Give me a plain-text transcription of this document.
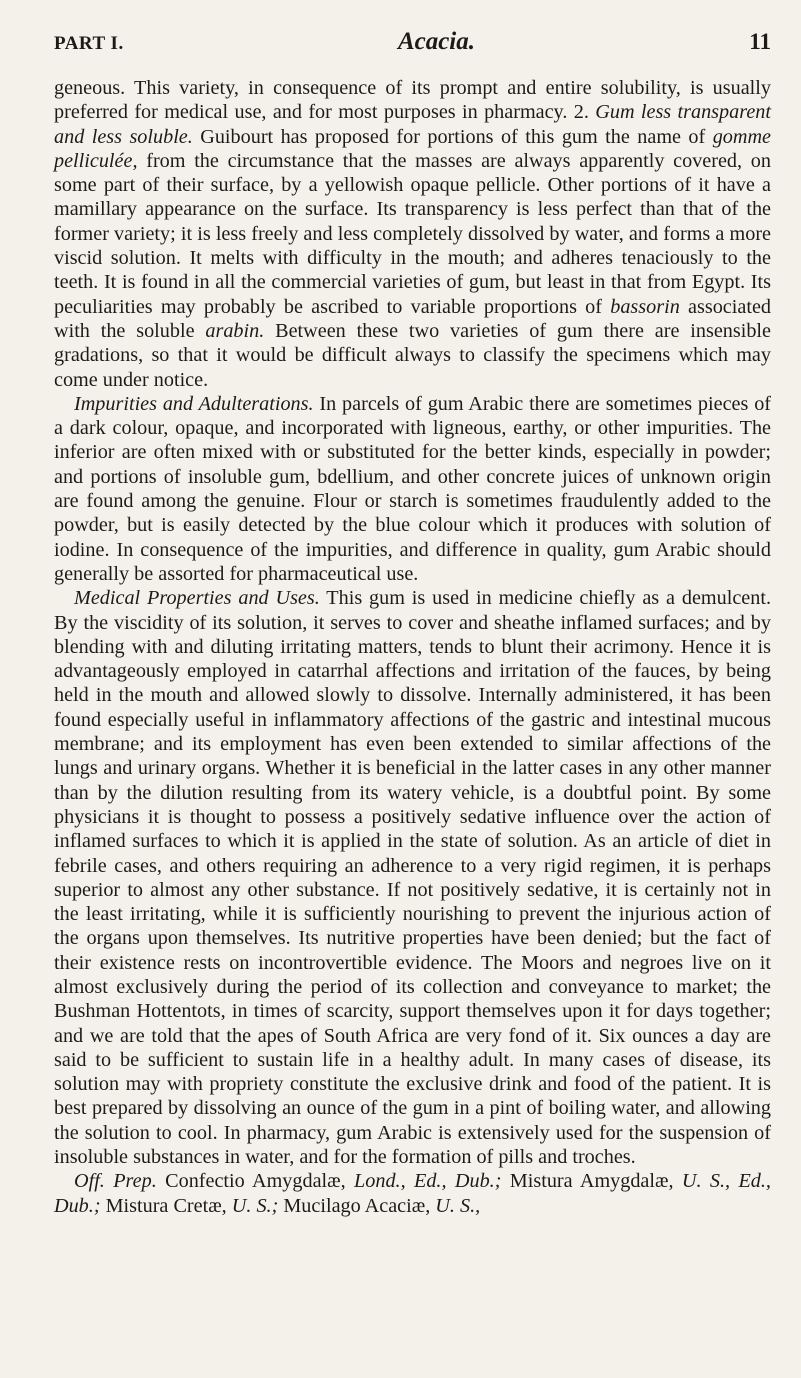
PART I.	Acacia.	11

geneous. This variety, in consequence of its prompt and entire solubility, is usually preferred for medical use, and for most purposes in pharmacy. 2. Gum less transparent and less soluble. Guibourt has proposed for portions of this gum the name of gomme pelliculée, from the circumstance that the masses are always apparently covered, on some part of their surface, by a yellowish opaque pellicle. Other portions of it have a mamillary appearance on the surface. Its transparency is less perfect than that of the former variety; it is less freely and less completely dissolved by water, and forms a more viscid solution. It melts with difficulty in the mouth; and adheres tenaciously to the teeth. It is found in all the commercial varieties of gum, but least in that from Egypt. Its peculiarities may probably be ascribed to variable proportions of bassorin associated with the soluble arabin. Between these two varieties of gum there are insensible gradations, so that it would be difficult always to classify the specimens which may come under notice.

Impurities and Adulterations. In parcels of gum Arabic there are sometimes pieces of a dark colour, opaque, and incorporated with ligneous, earthy, or other impurities. The inferior are often mixed with or substituted for the better kinds, especially in powder; and portions of insoluble gum, bdellium, and other concrete juices of unknown origin are found among the genuine. Flour or starch is sometimes fraudulently added to the powder, but is easily detected by the blue colour which it produces with solution of iodine. In consequence of the impurities, and difference in quality, gum Arabic should generally be assorted for pharmaceutical use.

Medical Properties and Uses. This gum is used in medicine chiefly as a demulcent. By the viscidity of its solution, it serves to cover and sheathe inflamed surfaces; and by blending with and diluting irritating matters, tends to blunt their acrimony. Hence it is advantageously employed in catarrhal affections and irritation of the fauces, by being held in the mouth and allowed slowly to dissolve. Internally administered, it has been found especially useful in inflammatory affections of the gastric and intestinal mucous membrane; and its employment has even been extended to similar affections of the lungs and urinary organs. Whether it is beneficial in the latter cases in any other manner than by the dilution resulting from its watery vehicle, is a doubtful point. By some physicians it is thought to possess a positively sedative influence over the action of inflamed surfaces to which it is applied in the state of solution. As an article of diet in febrile cases, and others requiring an adherence to a very rigid regimen, it is perhaps superior to almost any other substance. If not positively sedative, it is certainly not in the least irritating, while it is sufficiently nourishing to prevent the injurious action of the organs upon themselves. Its nutritive properties have been denied; but the fact of their existence rests on incontrovertible evidence. The Moors and negroes live on it almost exclusively during the period of its collection and conveyance to market; the Bushman Hottentots, in times of scarcity, support themselves upon it for days together; and we are told that the apes of South Africa are very fond of it. Six ounces a day are said to be sufficient to sustain life in a healthy adult. In many cases of disease, its solution may with propriety constitute the exclusive drink and food of the patient. It is best prepared by dissolving an ounce of the gum in a pint of boiling water, and allowing the solution to cool. In pharmacy, gum Arabic is extensively used for the suspension of insoluble substances in water, and for the formation of pills and troches.

Off. Prep. Confectio Amygdalæ, Lond., Ed., Dub.; Mistura Amygdalæ, U. S., Ed., Dub.; Mistura Cretæ, U. S.; Mucilago Acaciæ, U. S.,
